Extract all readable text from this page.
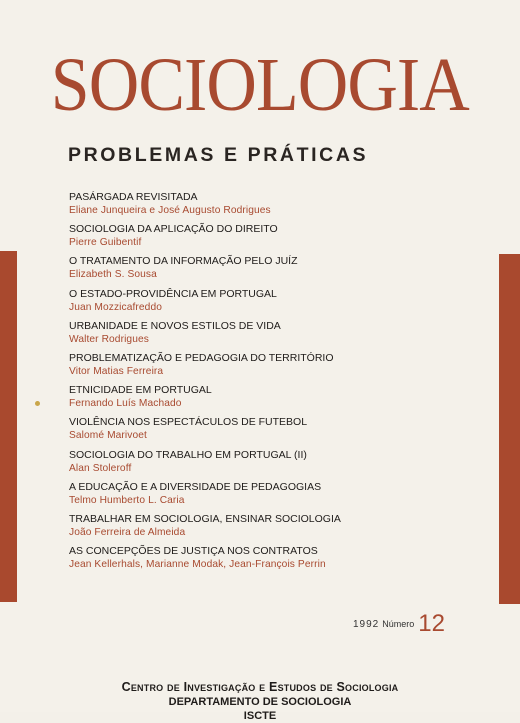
SOCIOLOGIA
PROBLEMAS E PRÁTICAS
PASÁRGADA REVISITADA
Eliane Junqueira e José Augusto Rodrigues
SOCIOLOGIA DA APLICAÇÃO DO DIREITO
Pierre Guibentif
O TRATAMENTO DA INFORMAÇÃO PELO JUÍZ
Elizabeth S. Sousa
O ESTADO-PROVIDÊNCIA EM PORTUGAL
Juan Mozzicafreddo
URBANIDADE E NOVOS ESTILOS DE VIDA
Walter Rodrigues
PROBLEMATIZAÇÃO E PEDAGOGIA DO TERRITÓRIO
Vitor Matias Ferreira
ETNICIDADE EM PORTUGAL
Fernando Luís Machado
VIOLÊNCIA NOS ESPECTÁCULOS DE FUTEBOL
Salomé Marivoet
SOCIOLOGIA DO TRABALHO EM PORTUGAL (II)
Alan Stoleroff
A EDUCAÇÃO E A DIVERSIDADE DE PEDAGOGIAS
Telmo Humberto L. Caria
TRABALHAR EM SOCIOLOGIA, ENSINAR SOCIOLOGIA
João Ferreira de Almeida
AS CONCEPÇÕES DE JUSTIÇA NOS CONTRATOS
Jean Kellerhals, Marianne Modak, Jean-François Perrin
1992 Número 12
Centro de Investigação e Estudos de Sociologia
DEPARTAMENTO DE SOCIOLOGIA
ISCTE
